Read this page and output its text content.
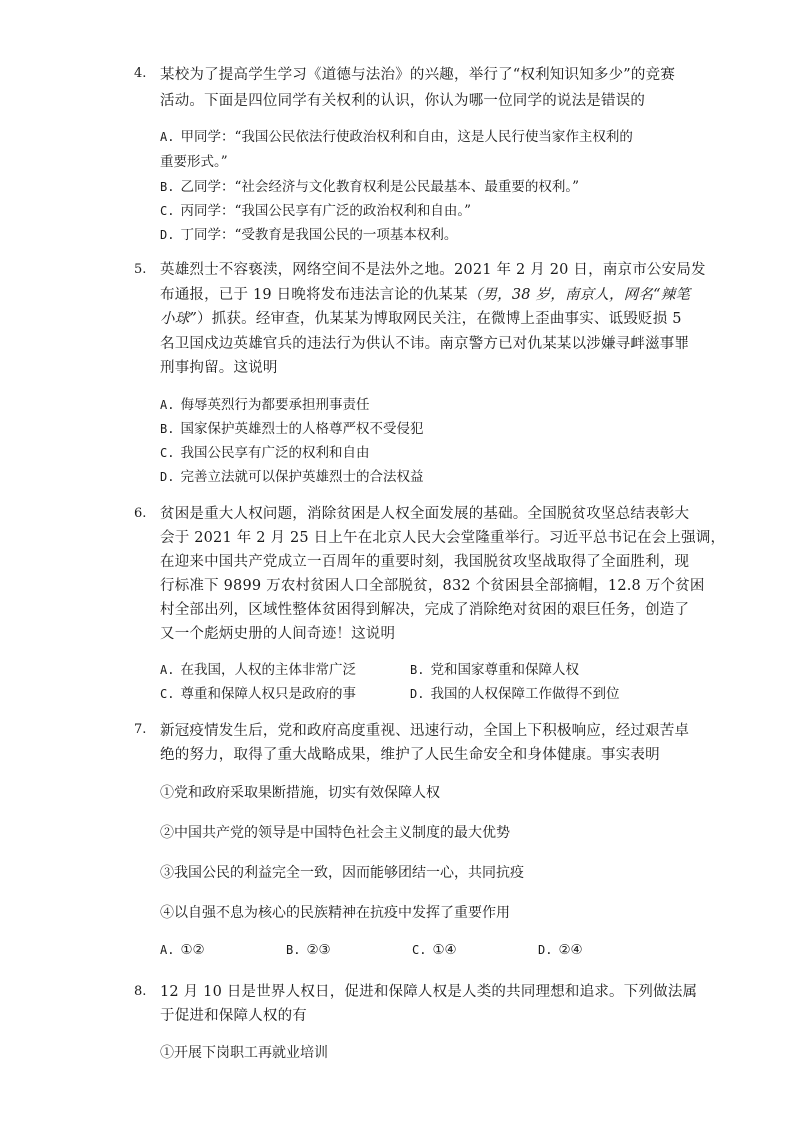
4. 某校为了提高学生学习《道德与法治》的兴趣，举行了“权利知识知多少”的竞赛
活动。下面是四位同学有关权利的认识，你认为哪一位同学的说法是错误的
A. 甲同学：“我国公民依法行使政治权利和自由，这是人民行使当家作主权利的
重要形式。”
B. 乙同学：“社会经济与文化教育权利是公民最基本、最重要的权利。”
C. 丙同学：“我国公民享有广泛的政治权利和自由。”
D. 丁同学：“受教育是我国公民的一项基本权利。
5. 英雄烈士不容亵渎，网络空间不是法外之地。2021 年 2 月 20 日，南京市公安局发
布通报，已于 19 日晚将发布违法言论的仇某某（男，38 岁，南京人，网名“辣笔
小球”）抓获。经审查，仇某某为博取网民关注，在微博上歪曲事实、诋毁贬损 5
名卫国戍边英雄官兵的违法行为供认不讳。南京警方已对仇某某以涉嫌寻衅滋事罪
刑事拘留。这说明
A. 侮辱英烈行为都要承担刑事责任
B. 国家保护英雄烈士的人格尊严权不受侵犯
C. 我国公民享有广泛的权利和自由
D. 完善立法就可以保护英雄烈士的合法权益
6. 贫困是重大人权问题，消除贫困是人权全面发展的基础。全国脱贫攻坚总结表彰大
会于 2021 年 2 月 25 日上午在北京人民大会堂隆重举行。习近平总书记在会上强调，
在迎来中国共产党成立一百周年的重要时刻，我国脱贫攻坚战取得了全面胜利，现
行标准下 9899 万农村贫困人口全部脱贫，832 个贫困县全部摘帽，12.8 万个贫困
村全部出列，区域性整体贫困得到解决，完成了消除绝对贫困的艰巨任务，创造了
又一个彪炳史册的人间奇迹！这说明
A. 在我国，人权的主体非常广泛	B. 党和国家尊重和保障人权
C. 尊重和保障人权只是政府的事	D. 我国的人权保障工作做得不到位
7. 新冠疫情发生后，党和政府高度重视、迅速行动，全国上下积极响应，经过艰苦卓
绝的努力，取得了重大战略成果，维护了人民生命安全和身体健康。事实表明
①党和政府采取果断措施，切实有效保障人权
②中国共产党的领导是中国特色社会主义制度的最大优势
③我国公民的利益完全一致，因而能够团结一心，共同抗疫
④以自强不息为核心的民族精神在抗疫中发挥了重要作用
A. ①②	B. ②③	C. ①④	D. ②④
8. 12 月 10 日是世界人权日，促进和保障人权是人类的共同理想和追求。下列做法属
于促进和保障人权的有
①开展下岗职工再就业培训
